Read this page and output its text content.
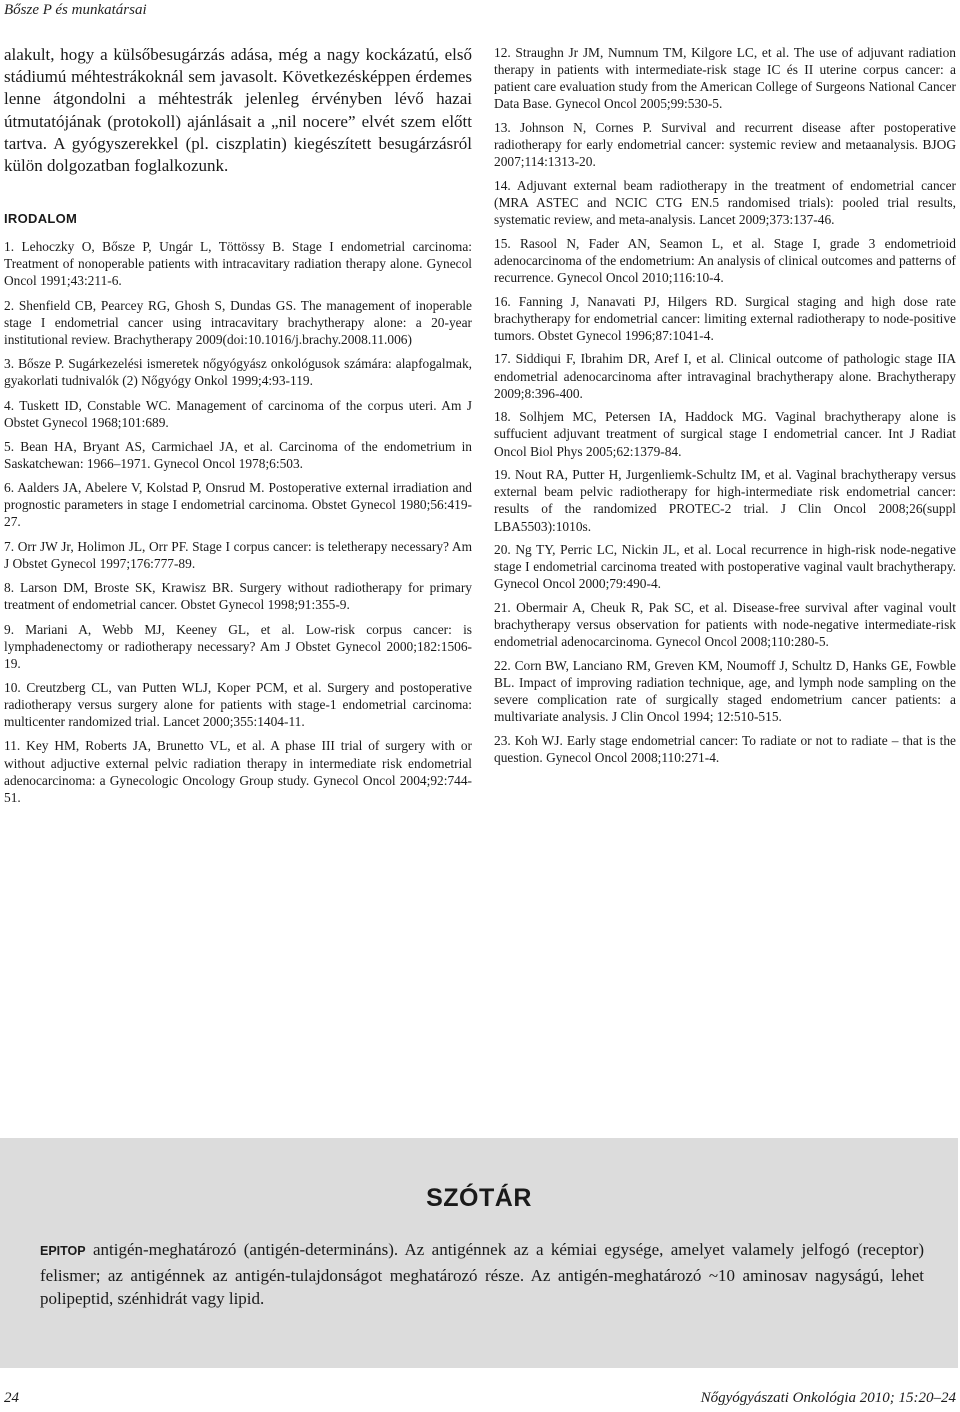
Bősze P és munkatársai

alakult, hogy a külsőbesugárzás adása, még a nagy kockázatú, első stádiumú méhtestrákoknál sem javasolt. Következésképpen érdemes lenne átgondolni a méhtestrák jelenleg érvényben lévő hazai útmutatójának (protokoll) ajánlásait a „nil nocere” elvét szem előtt tartva. A gyógyszerekkel (pl. ciszplatin) kiegészített besugárzásról külön dolgozatban foglalkozunk.

IRODALOM
1. Lehoczky O, Bősze P, Ungár L, Töttössy B. Stage I endometrial carcinoma: Treatment of nonoperable patients with intracavitary radiation therapy alone. Gynecol Oncol 1991;43:211-6.
2. Shenfield CB, Pearcey RG, Ghosh S, Dundas GS. The management of inoperable stage I endometrial cancer using intracavitary brachytherapy alone: a 20-year institutional review. Brachytherapy 2009(doi:10.1016/j.brachy.2008.11.006)
3. Bősze P. Sugárkezelési ismeretek nőgyógyász onkológusok számára: alapfogalmak, gyakorlati tudnivalók (2) Nőgyógy Onkol 1999;4:93-119.
4. Tuskett ID, Constable WC. Management of carcinoma of the corpus uteri. Am J Obstet Gynecol 1968;101:689.
5. Bean HA, Bryant AS, Carmichael JA, et al. Carcinoma of the endometrium in Saskatchewan: 1966–1971. Gynecol Oncol 1978;6:503.
6. Aalders JA, Abelere V, Kolstad P, Onsrud M. Postoperative external irradiation and prognostic parameters in stage I endometrial carcinoma. Obstet Gynecol 1980;56:419-27.
7. Orr JW Jr, Holimon JL, Orr PF. Stage I corpus cancer: is teletherapy necessary? Am J Obstet Gynecol 1997;176:777-89.
8. Larson DM, Broste SK, Krawisz BR. Surgery without radiotherapy for primary treatment of endometrial cancer. Obstet Gynecol 1998;91:355-9.
9. Mariani A, Webb MJ, Keeney GL, et al. Low-risk corpus cancer: is lymphadenectomy or radiotherapy necessary? Am J Obstet Gynecol 2000;182:1506-19.
10. Creutzberg CL, van Putten WLJ, Koper PCM, et al. Surgery and postoperative radiotherapy versus surgery alone for patients with stage-1 endometrial carcinoma: multicenter randomized trial. Lancet 2000;355:1404-11.
11. Key HM, Roberts JA, Brunetto VL, et al. A phase III trial of surgery with or without adjuctive external pelvic radiation therapy in intermediate risk endometrial adenocarcinoma: a Gynecologic Oncology Group study. Gynecol Oncol 2004;92:744-51.
12. Straughn Jr JM, Numnum TM, Kilgore LC, et al. The use of adjuvant radiation therapy in patients with intermediate-risk stage IC és II uterine corpus cancer: a patient care evaluation study from the American College of Surgeons National Cancer Data Base. Gynecol Oncol 2005;99:530-5.
13. Johnson N, Cornes P. Survival and recurrent disease after postoperative radiotherapy for early endometrial cancer: systemic review and metaanalysis. BJOG 2007;114:1313-20.
14. Adjuvant external beam radiotherapy in the treatment of endometrial cancer (MRA ASTEC and NCIC CTG EN.5 randomised trials): pooled trial results, systematic review, and meta-analysis. Lancet 2009;373:137-46.
15. Rasool N, Fader AN, Seamon L, et al. Stage I, grade 3 endometrioid adenocarcinoma of the endometrium: An analysis of clinical outcomes and patterns of recurrence. Gynecol Oncol 2010;116:10-4.
16. Fanning J, Nanavati PJ, Hilgers RD. Surgical staging and high dose rate brachytherapy for endometrial cancer: limiting external radiotherapy to node-positive tumors. Obstet Gynecol 1996;87:1041-4.
17. Siddiqui F, Ibrahim DR, Aref I, et al. Clinical outcome of pathologic stage IIA endometrial adenocarcinoma after intravaginal brachytherapy alone. Brachytherapy 2009;8:396-400.
18. Solhjem MC, Petersen IA, Haddock MG. Vaginal brachytherapy alone is suffucient adjuvant treatment of surgical stage I endometrial cancer. Int J Radiat Oncol Biol Phys 2005;62:1379-84.
19. Nout RA, Putter H, Jurgenliemk-Schultz IM, et al. Vaginal brachytherapy versus external beam pelvic radiotherapy for high-intermediate risk endometrial cancer: results of the randomized PROTEC-2 trial. J Clin Oncol 2008;26(suppl LBA5503):1010s.
20. Ng TY, Perric LC, Nickin JL, et al. Local recurrence in high-risk node-negative stage I endometrial carcinoma treated with postoperative vaginal vault brachytherapy. Gynecol Oncol 2000;79:490-4.
21. Obermair A, Cheuk R, Pak SC, et al. Disease-free survival after vaginal voult brachytherapy versus observation for patients with node-negative intermediate-risk endometrial adenocarcinoma. Gynecol Oncol 2008;110:280-5.
22. Corn BW, Lanciano RM, Greven KM, Noumoff J, Schultz D, Hanks GE, Fowble BL. Impact of improving radiation technique, age, and lymph node sampling on the severe complication rate of surgically staged endometrium cancer patients: a multivariate analysis. J Clin Oncol 1994; 12:510-515.
23. Koh WJ. Early stage endometrial cancer: To radiate or not to radiate – that is the question. Gynecol Oncol 2008;110:271-4.
SZÓTÁR

EPITOP antigén-meghatározó (antigén-determináns). Az antigénnek az a kémiai egysége, amelyet valamely jelfogó (receptor) felismer; az antigénnek az antigén-tulajdonságot meghatározó része. Az antigén-meghatározó ~10 aminosav nagyságú, lehet polipeptid, szénhidrát vagy lipid.

24	Nőgyógyászati Onkológia 2010; 15:20–24
